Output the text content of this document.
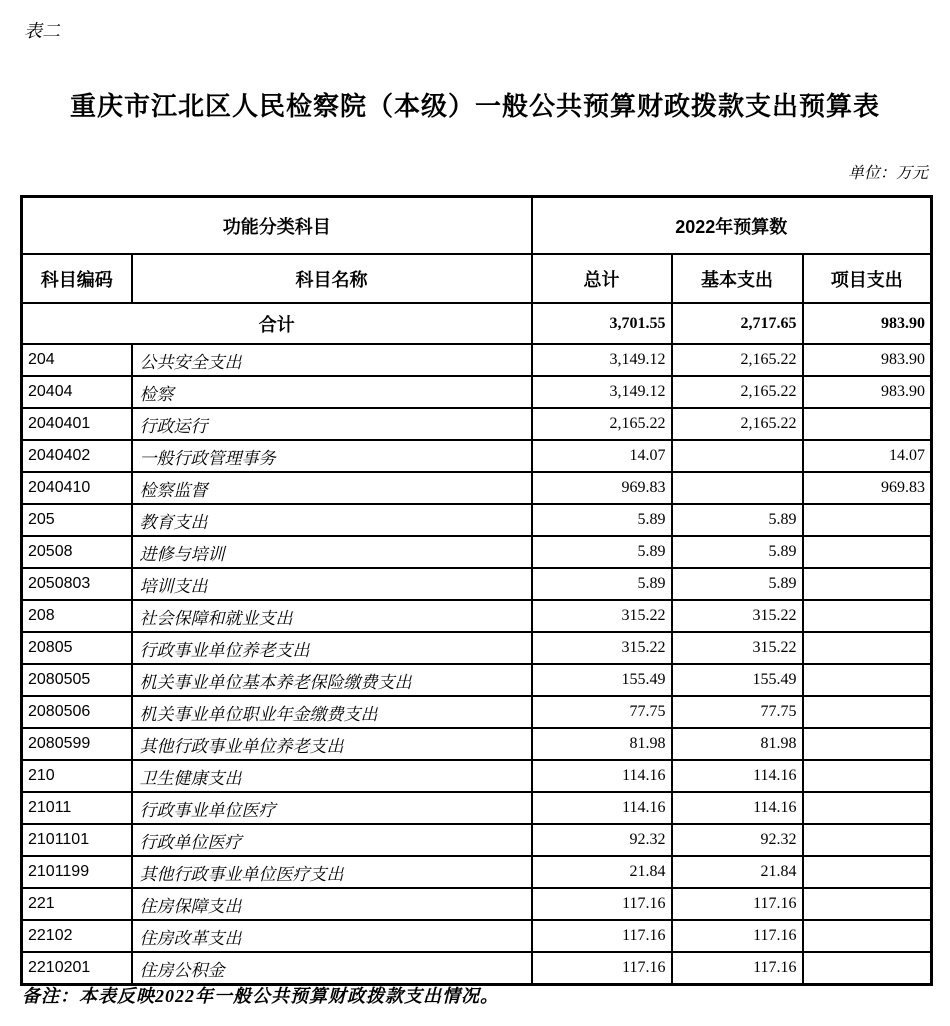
表二
重庆市江北区人民检察院（本级）一般公共预算财政拨款支出预算表
单位：万元
功能分类科目		2022年预算数		
科目编码	科目名称	总计	基本支出	项目支出
合计		3,701.55	2,717.65	983.90
204	公共安全支出	3,149.12	2,165.22	983.90
20404	检察	3,149.12	2,165.22	983.90
2040401	行政运行	2,165.22	2,165.22	
2040402	一般行政管理事务	14.07		14.07
2040410	检察监督	969.83		969.83
205	教育支出	5.89	5.89	
20508	进修与培训	5.89	5.89	
2050803	培训支出	5.89	5.89	
208	社会保障和就业支出	315.22	315.22	
20805	行政事业单位养老支出	315.22	315.22	
2080505	机关事业单位基本养老保险缴费支出	155.49	155.49	
2080506	机关事业单位职业年金缴费支出	77.75	77.75	
2080599	其他行政事业单位养老支出	81.98	81.98	
210	卫生健康支出	114.16	114.16	
21011	行政事业单位医疗	114.16	114.16	
2101101	行政单位医疗	92.32	92.32	
2101199	其他行政事业单位医疗支出	21.84	21.84	
221	住房保障支出	117.16	117.16	
22102	住房改革支出	117.16	117.16	
2210201	住房公积金	117.16	117.16	
备注：本表反映2022年一般公共预算财政拨款支出情况。
